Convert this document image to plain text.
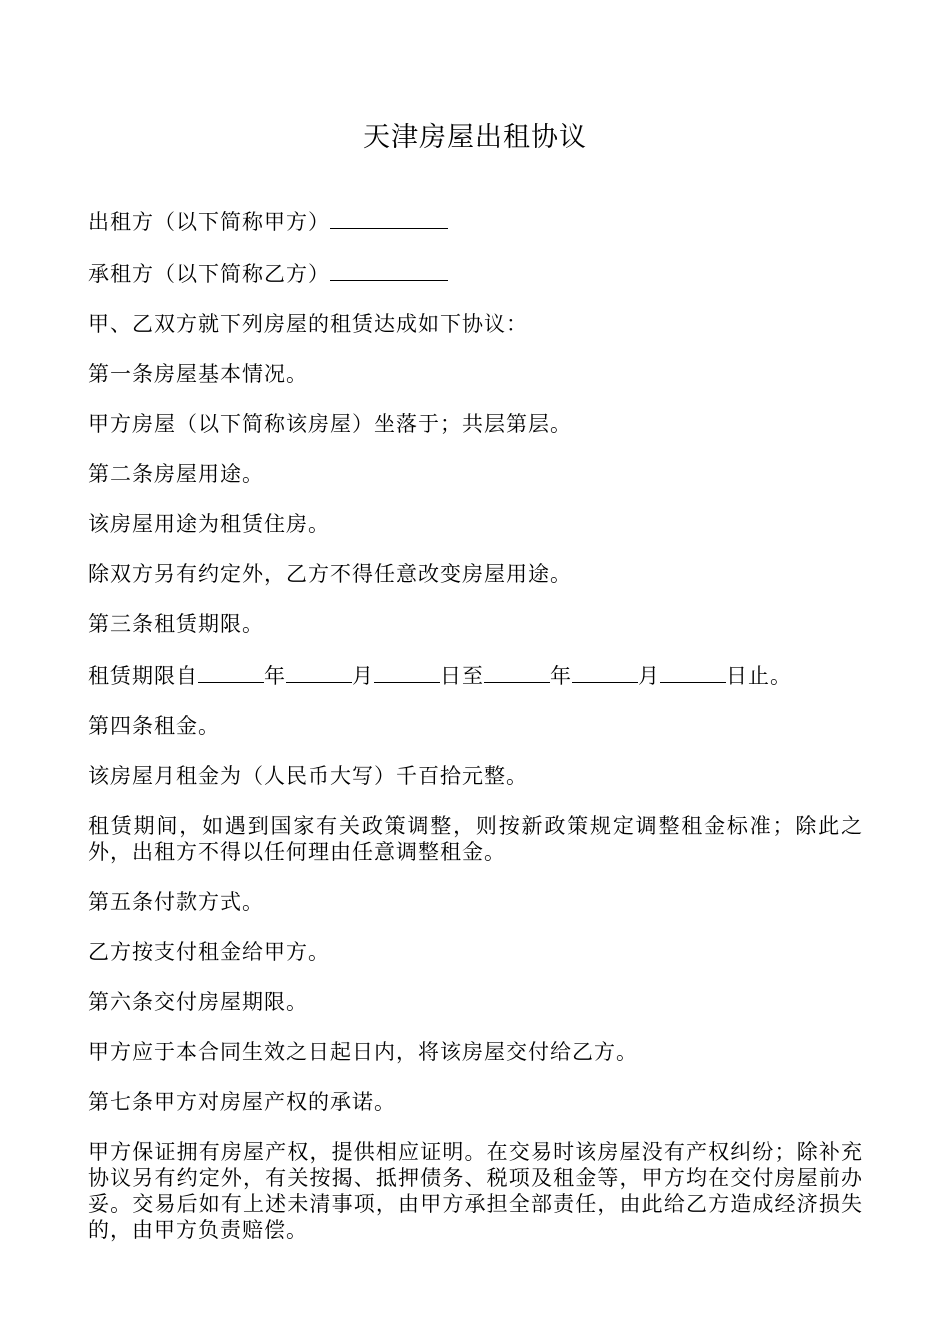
天津房屋出租协议

出租方（以下简称甲方）

承租方（以下简称乙方）

甲、乙双方就下列房屋的租赁达成如下协议：

第一条房屋基本情况。

甲方房屋（以下简称该房屋）坐落于；共层第层。

第二条房屋用途。

该房屋用途为租赁住房。

除双方另有约定外，乙方不得任意改变房屋用途。

第三条租赁期限。

租赁期限自	年	月	日至	年	月	日止。

第四条租金。

该房屋月租金为（人民币大写）千百拾元整。

租赁期间，如遇到国家有关政策调整，则按新政策规定调整租金标准；除此之外，出租方不得以任何理由任意调整租金。

第五条付款方式。

乙方按支付租金给甲方。

第六条交付房屋期限。

甲方应于本合同生效之日起日内，将该房屋交付给乙方。

第七条甲方对房屋产权的承诺。

甲方保证拥有房屋产权，提供相应证明。在交易时该房屋没有产权纠纷；除补充协议另有约定外，有关按揭、抵押债务、税项及租金等，甲方均在交付房屋前办妥。交易后如有上述未清事项，由甲方承担全部责任，由此给乙方造成经济损失的，由甲方负责赔偿。
